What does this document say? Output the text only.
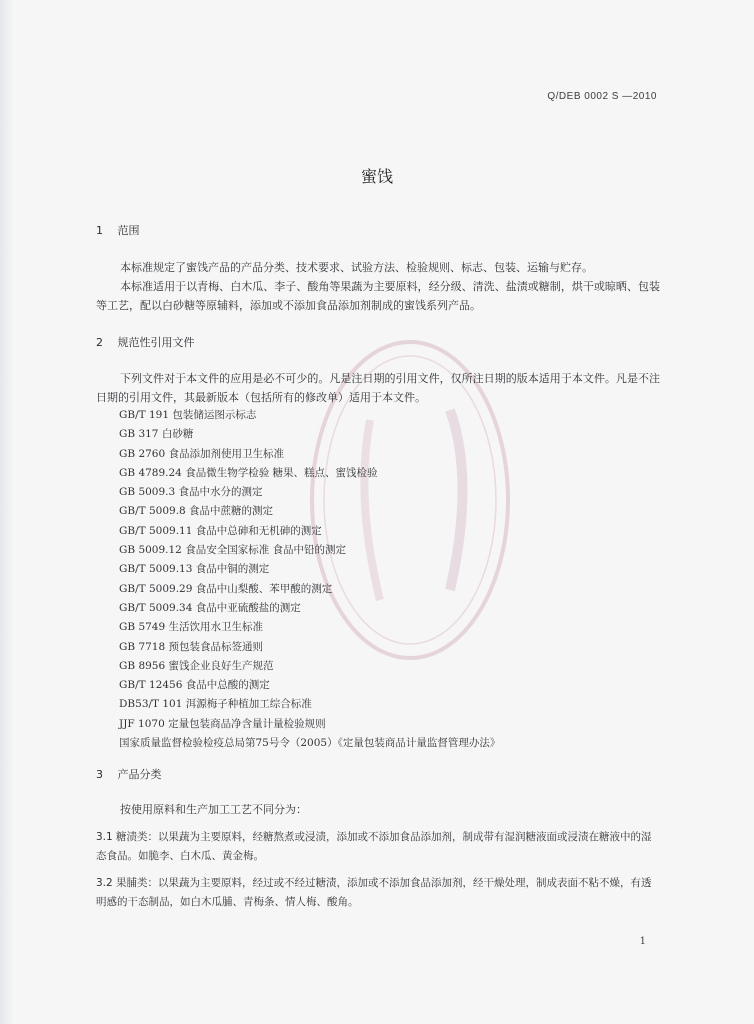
Q/DEB 0002 S —2010
蜜饯
1 范围
本标准规定了蜜饯产品的产品分类、技术要求、试验方法、检验规则、标志、包装、运输与贮存。
本标准适用于以青梅、白木瓜、李子、酸角等果蔬为主要原料，经分级、清洗、盐渍或糖制，烘干或晾晒、包装等工艺，配以白砂糖等原辅料，添加或不添加食品添加剂制成的蜜饯系列产品。
2 规范性引用文件
下列文件对于本文件的应用是必不可少的。凡是注日期的引用文件，仅所注日期的版本适用于本文件。凡是不注日期的引用文件，其最新版本（包括所有的修改单）适用于本文件。
GB/T 191 包装储运图示标志
GB 317 白砂糖
GB 2760 食品添加剂使用卫生标准
GB 4789.24 食品微生物学检验 糖果、糕点、蜜饯检验
GB 5009.3 食品中水分的测定
GB/T 5009.8 食品中蔗糖的测定
GB/T 5009.11 食品中总砷和无机砷的测定
GB 5009.12 食品安全国家标准 食品中铅的测定
GB/T 5009.13 食品中铜的测定
GB/T 5009.29 食品中山梨酸、苯甲酸的测定
GB/T 5009.34 食品中亚硫酸盐的测定
GB 5749 生活饮用水卫生标准
GB 7718 预包装食品标签通则
GB 8956 蜜饯企业良好生产规范
GB/T 12456 食品中总酸的测定
DB53/T 101 洱源梅子种植加工综合标准
JJF 1070 定量包装商品净含量计量检验规则
国家质量监督检验检疫总局第75号令（2005）《定量包装商品计量监督管理办法》
3 产品分类
按使用原料和生产加工工艺不同分为：
3.1 糖渍类：以果蔬为主要原料，经糖熬煮或浸渍，添加或不添加食品添加剂，制成带有湿润糖液面或浸渍在糖液中的湿态食品。如脆李、白木瓜、黄金梅。
3.2 果脯类：以果蔬为主要原料，经过或不经过糖渍，添加或不添加食品添加剂，经干燥处理，制成表面不粘不燥，有透明感的干态制品，如白木瓜脯、青梅条、情人梅、酸角。
1
